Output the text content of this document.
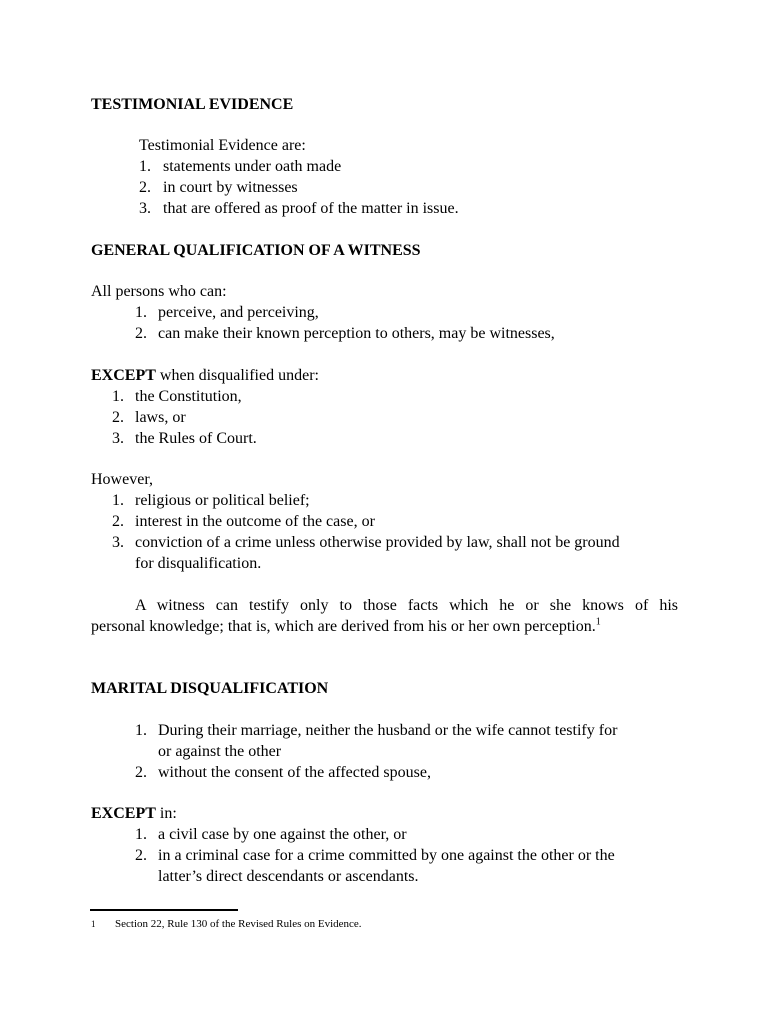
TESTIMONIAL EVIDENCE
Testimonial Evidence are:
1. statements under oath made
2. in court by witnesses
3. that are offered as proof of the matter in issue.
GENERAL QUALIFICATION OF A WITNESS
All persons who can:
1. perceive, and perceiving,
2. can make their known perception to others, may be witnesses,
EXCEPT when disqualified under:
1. the Constitution,
2. laws, or
3. the Rules of Court.
However,
1. religious or political belief;
2. interest in the outcome of the case, or
3. conviction of a crime unless otherwise provided by law, shall not be ground
for disqualification.
A witness can testify only to those facts which he or she knows of his
personal knowledge; that is, which are derived from his or her own perception.$^1$
MARITAL DISQUALIFICATION
1. During their marriage, neither the husband or the wife cannot testify for
or against the other
2. without the consent of the affected spouse,
EXCEPT in:
1. a civil case by one against the other, or
2. in a criminal case for a crime committed by one against the other or the
latter’s direct descendants or ascendants.
1 Section 22, Rule 130 of the Revised Rules on Evidence.
